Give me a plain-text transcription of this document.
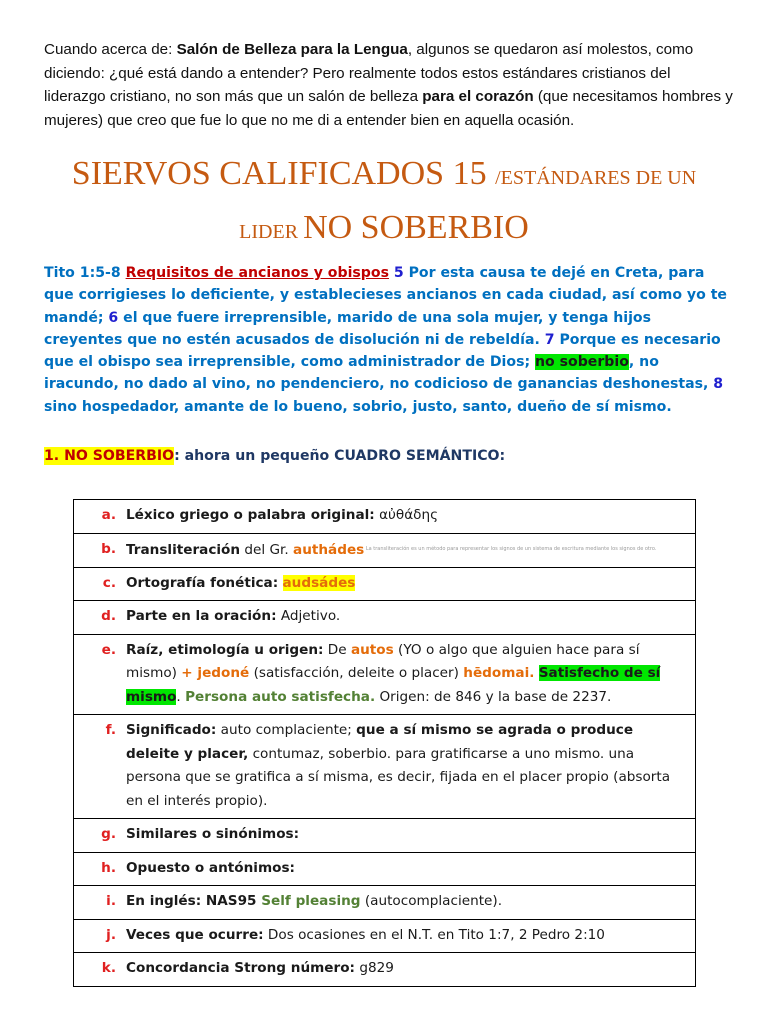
Cuando acerca de: Salón de Belleza para la Lengua, algunos se quedaron así molestos, como diciendo: ¿qué está dando a entender? Pero realmente todos estos estándares cristianos del liderazgo cristiano, no son más que un salón de belleza para el corazón (que necesitamos hombres y mujeres) que creo que fue lo que no me di a entender bien en aquella ocasión.

SIERVOS CALIFICADOS 15 /ESTÁNDARES DE UN LIDER NO SOBERBIO

Tito 1:5-8 Requisitos de ancianos y obispos 5 Por esta causa te dejé en Creta, para que corrigieses lo deficiente, y establecieses ancianos en cada ciudad, así como yo te mandé; 6 el que fuere irreprensible, marido de una sola mujer, y tenga hijos creyentes que no estén acusados de disolución ni de rebeldía. 7 Porque es necesario que el obispo sea irreprensible, como administrador de Dios; no soberbio, no iracundo, no dado al vino, no pendenciero, no codicioso de ganancias deshonestas, 8 sino hospedador, amante de lo bueno, sobrio, justo, santo, dueño de sí mismo.

1. NO SOBERBIO: ahora un pequeño CUADRO SEMÁNTICO:
a. Léxico griego o palabra original: αὐθάδης

b. Transliteración del Gr. authádes La transliteración es un método para representar los signos de un sistema de escritura mediante los signos de otro.

c. Ortografía fonética: audsádes

d. Parte en la oración: Adjetivo.

e. Raíz, etimología u origen: De autos (YO o algo que alguien hace para sí mismo) + jedoné (satisfacción, deleite o placer) hēdomai. Satisfecho de sí mismo. Persona auto satisfecha. Origen: de 846 y la base de 2237.

f. Significado: auto complaciente; que a sí mismo se agrada o produce deleite y placer, contumaz, soberbio. para gratificarse a uno mismo. una persona que se gratifica a sí misma, es decir, fijada en el placer propio (absorta en el interés propio).

g. Similares o sinónimos:

h. Opuesto o antónimos:

i. En inglés: NAS95 Self pleasing (autocomplaciente).

j. Veces que ocurre: Dos ocasiones en el N.T. en Tito 1:7, 2 Pedro 2:10

k. Concordancia Strong número: g829
